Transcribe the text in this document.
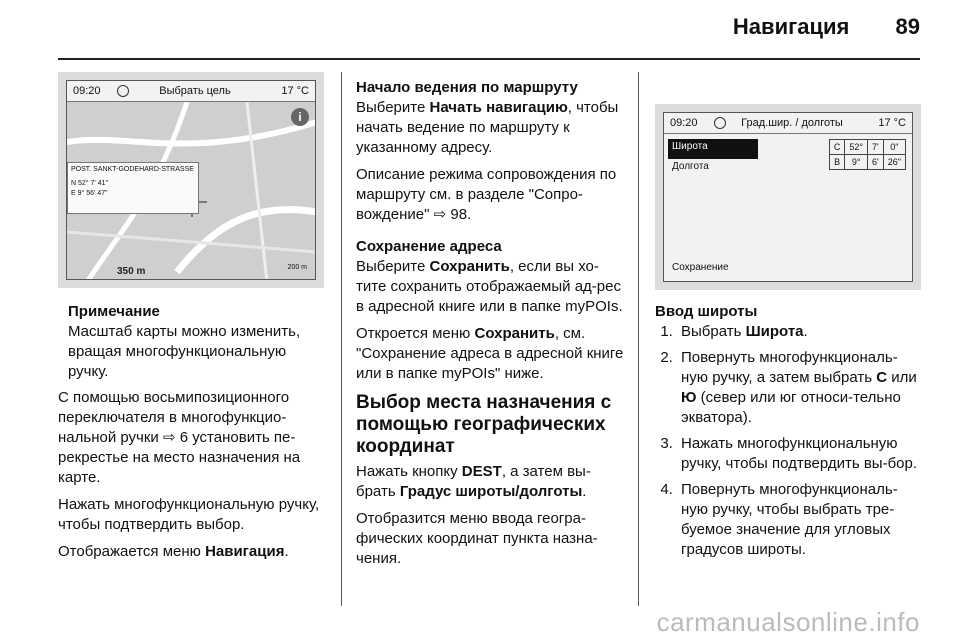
Навигация 89
09:20	Выбрать цель	17 °C
i
POST. SANKT-GODEHARD-STRASSE
N 52° 7' 41"
E 9° 56' 47"
350 m	200 m
Примечание
Масштаб карты можно изменить, вращая многофункциональную ручку.

С помощью восьмипозиционного переключателя в многофункцио-нальной ручки ⇨ 6 установить пе-рекрестье на место назначения на карте.

Нажать многофункциональную ручку, чтобы подтвердить выбор.

Отображается меню Навигация.

Начало ведения по маршруту

Выберите Начать навигацию, чтобы начать ведение по маршруту к указанному адресу.

Описание режима сопровождения по маршруту см. в разделе "Сопро-вождение" ⇨ 98.

Сохранение адреса

Выберите Сохранить, если вы хо-тите сохранить отображаемый ад-рес в адресной книге или в папке myPOIs.

Откроется меню Сохранить, см. "Сохранение адреса в адресной книге или в папке myPOIs" ниже.

Выбор места назначения с помощью географических координат

Нажать кнопку DEST, а затем вы-брать Градус широты/долготы.

Отобразится меню ввода геогра-фических координат пункта назна-чения.

09:20	Град.шир. / долготы	17 °C
Широта
Долгота
С	52°	7'	0"
В	9°	6'	26"
Сохранение
Ввод широты
1. Выбрать Широта.
2. Повернуть многофункциональ-ную ручку, а затем выбрать С или Ю (север или юг относи-тельно экватора).
3. Нажать многофункциональную ручку, чтобы подтвердить вы-бор.
4. Повернуть многофункциональ-ную ручку, чтобы выбрать тре-буемое значение для угловых градусов широты.
carmanualsonline.info
